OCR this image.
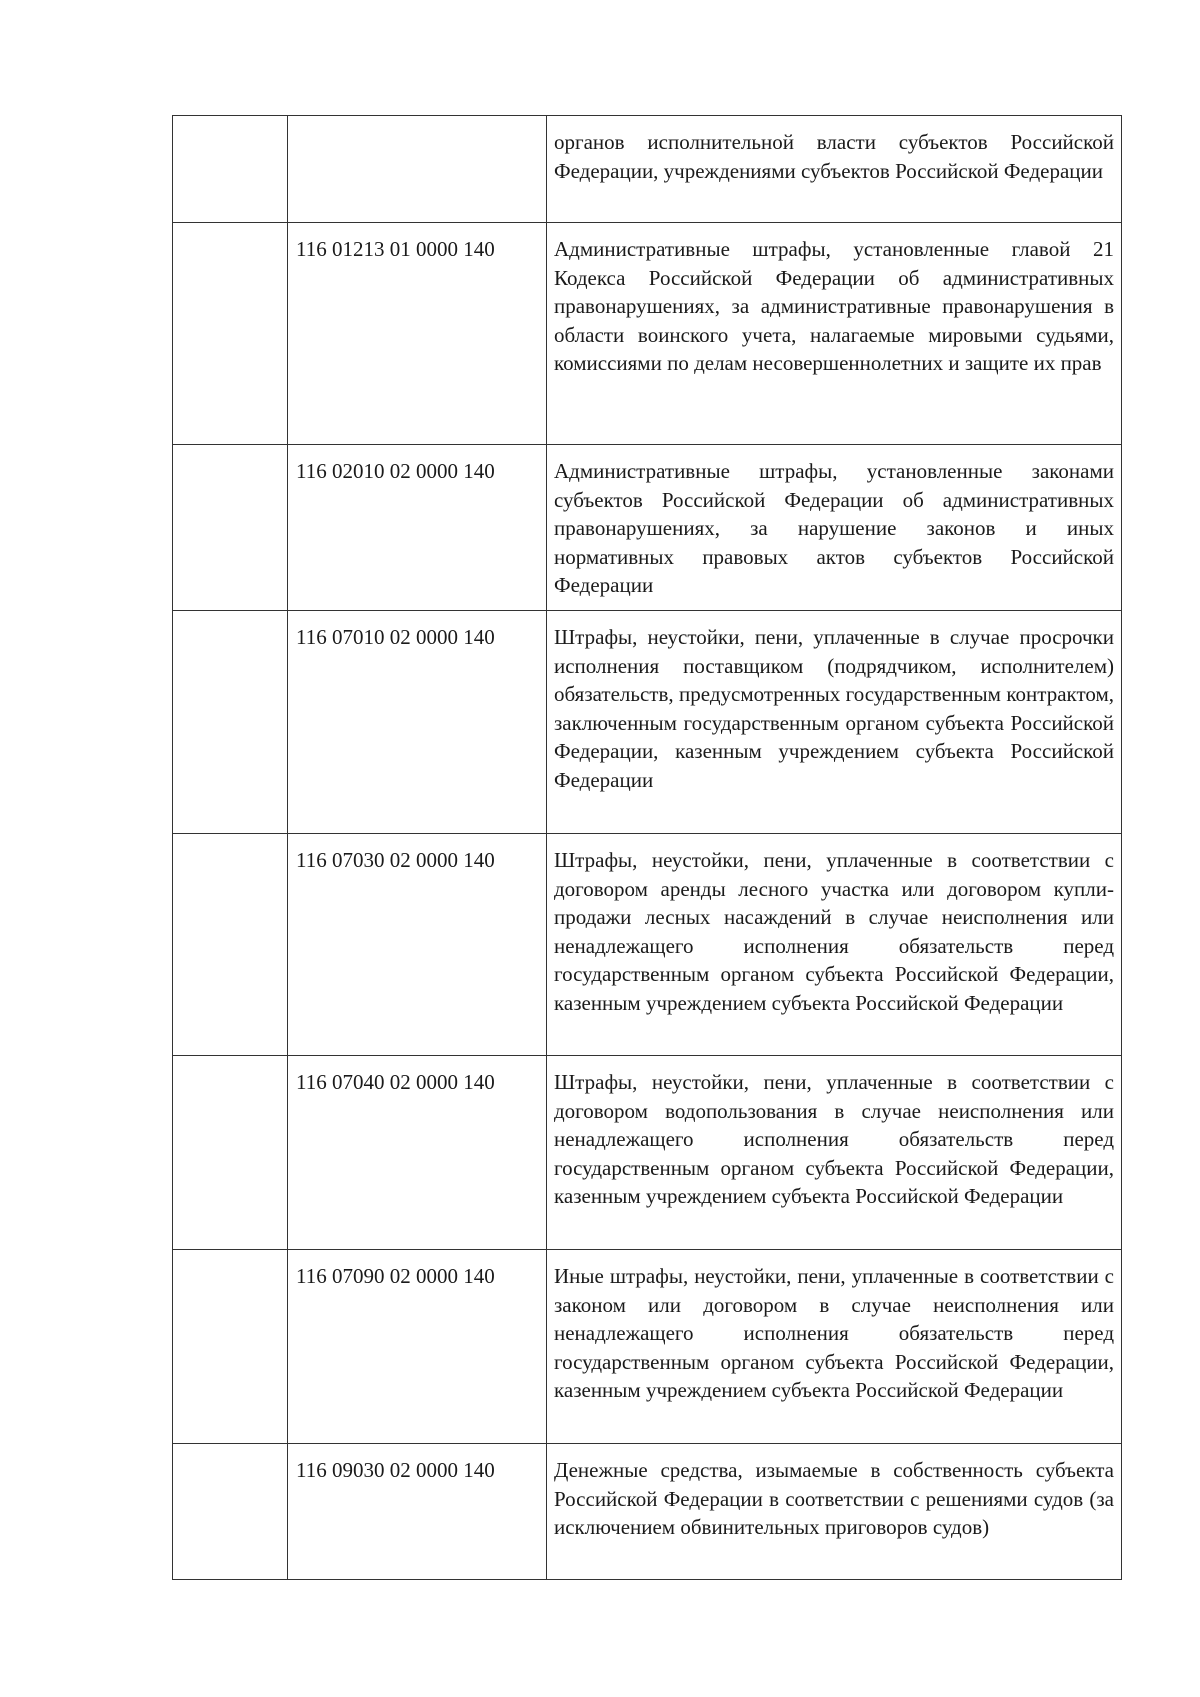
		органов исполнительной власти субъектов Российской Федерации, учреждениями субъектов Российской Федерации

	116 01213 01 0000 140	Административные штрафы, установленные главой 21 Кодекса Российской Федерации об административных правонарушениях, за административные правонарушения в области воинского учета, налагаемые мировыми судьями, комиссиями по делам несовершеннолетних и защите их прав

	116 02010 02 0000 140	Административные штрафы, установленные законами субъектов Российской Федерации об административных правонарушениях, за нарушение законов и иных нормативных правовых актов субъектов Российской Федерации

	116 07010 02 0000 140	Штрафы, неустойки, пени, уплаченные в случае просрочки исполнения поставщиком (подрядчиком, исполнителем) обязательств, предусмотренных государственным контрактом, заключенным государственным органом субъекта Российской Федерации, казенным учреждением субъекта Российской Федерации

	116 07030 02 0000 140	Штрафы, неустойки, пени, уплаченные в соответствии с договором аренды лесного участка или договором купли-продажи лесных насаждений в случае неисполнения или ненадлежащего исполнения обязательств перед государственным органом субъекта Российской Федерации, казенным учреждением субъекта Российской Федерации

	116 07040 02 0000 140	Штрафы, неустойки, пени, уплаченные в соответствии с договором водопользования в случае неисполнения или ненадлежащего исполнения обязательств перед государственным органом субъекта Российской Федерации, казенным учреждением субъекта Российской Федерации

	116 07090 02 0000 140	Иные штрафы, неустойки, пени, уплаченные в соответствии с законом или договором в случае неисполнения или ненадлежащего исполнения обязательств перед государственным органом субъекта Российской Федерации, казенным учреждением субъекта Российской Федерации

	116 09030 02 0000 140	Денежные средства, изымаемые в собственность субъекта Российской Федерации в соответствии с решениями судов (за исключением обвинительных приговоров судов)
